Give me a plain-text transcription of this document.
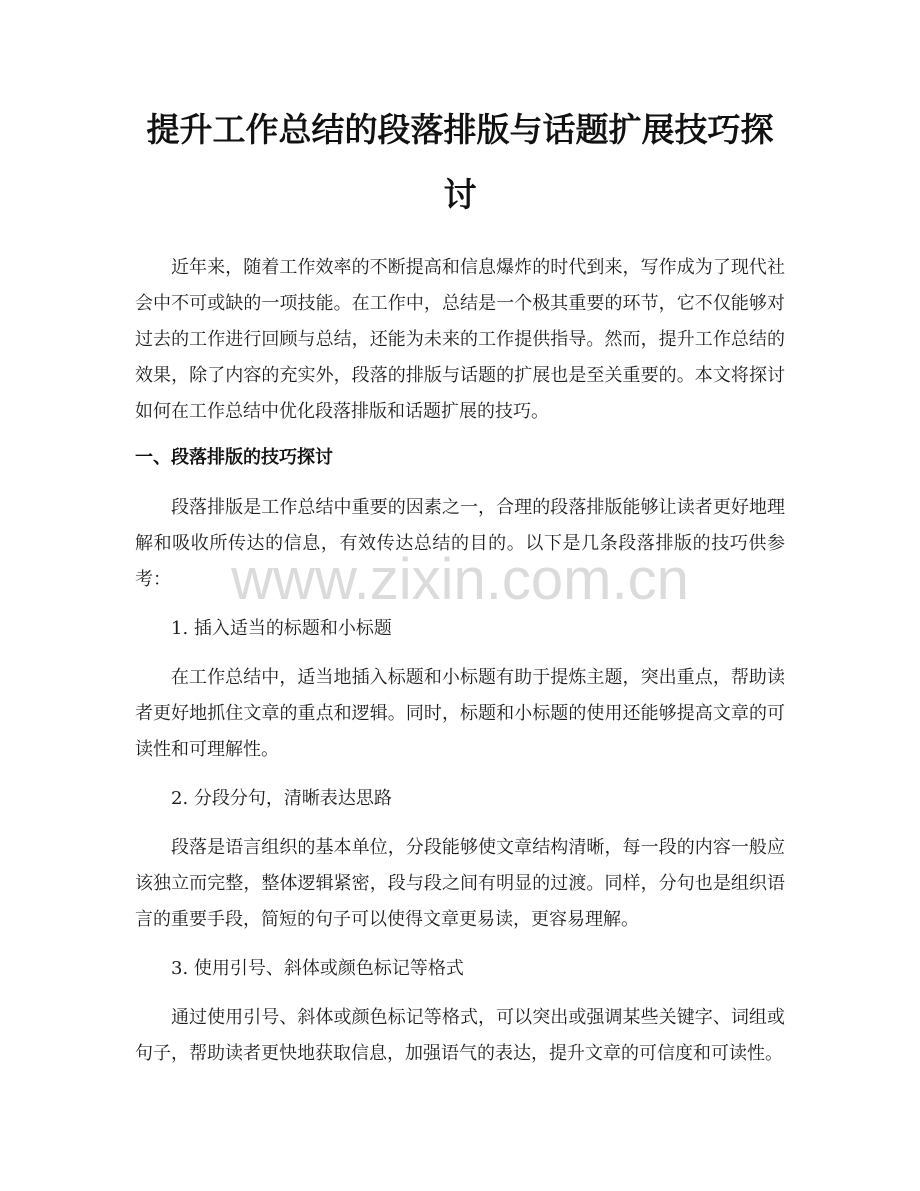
提升工作总结的段落排版与话题扩展技巧探讨

近年来，随着工作效率的不断提高和信息爆炸的时代到来，写作成为了现代社会中不可或缺的一项技能。在工作中，总结是一个极其重要的环节，它不仅能够对过去的工作进行回顾与总结，还能为未来的工作提供指导。然而，提升工作总结的效果，除了内容的充实外，段落的排版与话题的扩展也是至关重要的。本文将探讨如何在工作总结中优化段落排版和话题扩展的技巧。

一、段落排版的技巧探讨

段落排版是工作总结中重要的因素之一，合理的段落排版能够让读者更好地理解和吸收所传达的信息，有效传达总结的目的。以下是几条段落排版的技巧供参考：

1. 插入适当的标题和小标题

在工作总结中，适当地插入标题和小标题有助于提炼主题，突出重点，帮助读者更好地抓住文章的重点和逻辑。同时，标题和小标题的使用还能够提高文章的可读性和可理解性。

2. 分段分句，清晰表达思路

段落是语言组织的基本单位，分段能够使文章结构清晰，每一段的内容一般应该独立而完整，整体逻辑紧密，段与段之间有明显的过渡。同样，分句也是组织语言的重要手段，简短的句子可以使得文章更易读，更容易理解。

3. 使用引号、斜体或颜色标记等格式

通过使用引号、斜体或颜色标记等格式，可以突出或强调某些关键字、词组或句子，帮助读者更快地获取信息，加强语气的表达，提升文章的可信度和可读性。

www.zixin.com.cn
